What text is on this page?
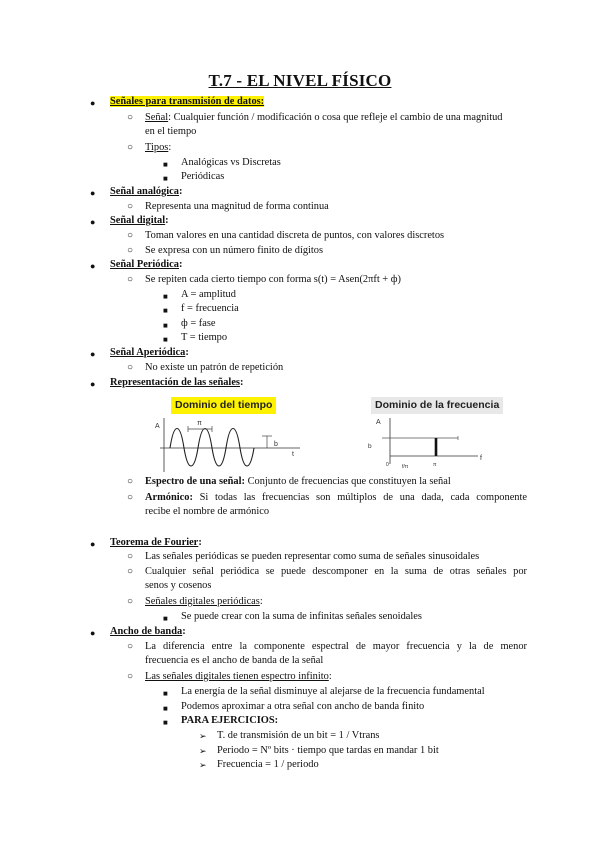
T.7 - EL NIVEL FÍSICO
● Señales para transmisión de datos:
○ Señal: Cualquier función / modificación o cosa que refleje el cambio de una magnitud
en el tiempo
○ Tipos:
■ Analógicas vs Discretas
■ Periódicas
● Señal analógica:
○ Representa una magnitud de forma continua
● Señal digital:
○ Toman valores en una cantidad discreta de puntos, con valores discretos
○ Se expresa con un número finito de dígitos
● Señal Periódica:
○ Se repiten cada cierto tiempo con forma s(t) = Asen(2πft + ф)
■ A = amplitud
■ f = frecuencia
■ ф = fase
■ T = tiempo
● Señal Aperiódica:
○ No existe un patrón de repetición
● Representación de las señales:
Dominio del tiempo
A
t
π
b
Dominio de la frecuencia
b
A
f
0	f/π	π
○ Espectro de una señal: Conjunto de frecuencias que constituyen la señal
○ Armónico: Si todas las frecuencias son múltiplos de una dada, cada componente
recibe el nombre de armónico
● Teorema de Fourier:
○ Las señales periódicas se pueden representar como suma de señales sinusoidales
○ Cualquier señal periódica se puede descomponer en la suma de otras señales por
senos y cosenos
○ Señales digitales periódicas:
■ Se puede crear con la suma de infinitas señales senoidales
● Ancho de banda:
○ La diferencia entre la componente espectral de mayor frecuencia y la de menor
frecuencia es el ancho de banda de la señal
○ Las señales digitales tienen espectro infinito:
■ La energía de la señal disminuye al alejarse de la frecuencia fundamental
■ Podemos aproximar a otra señal con ancho de banda finito
■ PARA EJERCICIOS:
➢ T. de transmisión de un bit = 1 / Vtrans
➢ Periodo = Nº bits · tiempo que tardas en mandar 1 bit
➢ Frecuencia = 1 / periodo
